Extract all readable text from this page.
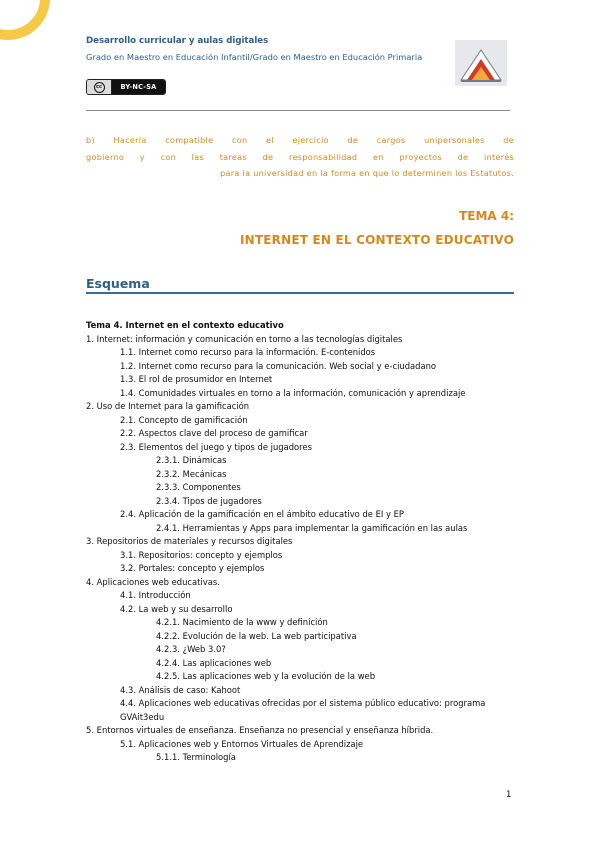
Desarrollo curricular y aulas digitales
Grado en Maestro en Educación Infantil/Grado en Maestro en Educación Primaria
cc	BY-NC-SA
b) Hacerla compatible con el ejercicio de cargos unipersonales de
gobierno y con las tareas de responsabilidad en proyectos de interés
para la universidad en la forma en que lo determinen los Estatutos.
TEMA 4:
INTERNET EN EL CONTEXTO EDUCATIVO
Esquema
Tema 4. Internet en el contexto educativo
1. Internet: información y comunicación en torno a las tecnologías digitales
1.1. Internet como recurso para la información. E-contenidos
1.2. Internet como recurso para la comunicación. Web social y e-ciudadano
1.3. El rol de prosumidor en Internet
1.4. Comunidades virtuales en torno a la información, comunicación y aprendizaje
2. Uso de Internet para la gamificación
2.1. Concepto de gamificación
2.2. Aspectos clave del proceso de gamificar
2.3. Elementos del juego y tipos de jugadores
2.3.1. Dinámicas
2.3.2. Mecánicas
2.3.3. Componentes
2.3.4. Tipos de jugadores
2.4. Aplicación de la gamificación en el ámbito educativo de EI y EP
2.4.1. Herramientas y Apps para implementar la gamificación en las aulas
3. Repositorios de materiales y recursos digitales
3.1. Repositorios: concepto y ejemplos
3.2. Portales: concepto y ejemplos
4. Aplicaciones web educativas.
4.1. Introducción
4.2. La web y su desarrollo
4.2.1. Nacimiento de la www y definición
4.2.2. Evolución de la web. La web participativa
4.2.3. ¿Web 3.0?
4.2.4. Las aplicaciones web
4.2.5. Las aplicaciones web y la evolución de la web
4.3. Análisis de caso: Kahoot
4.4. Aplicaciones web educativas ofrecidas por el sistema público educativo: programa
GVAit3edu
5. Entornos virtuales de enseñanza. Enseñanza no presencial y enseñanza híbrida.
5.1. Aplicaciones web y Entornos Virtuales de Aprendizaje
5.1.1. Terminología
1
